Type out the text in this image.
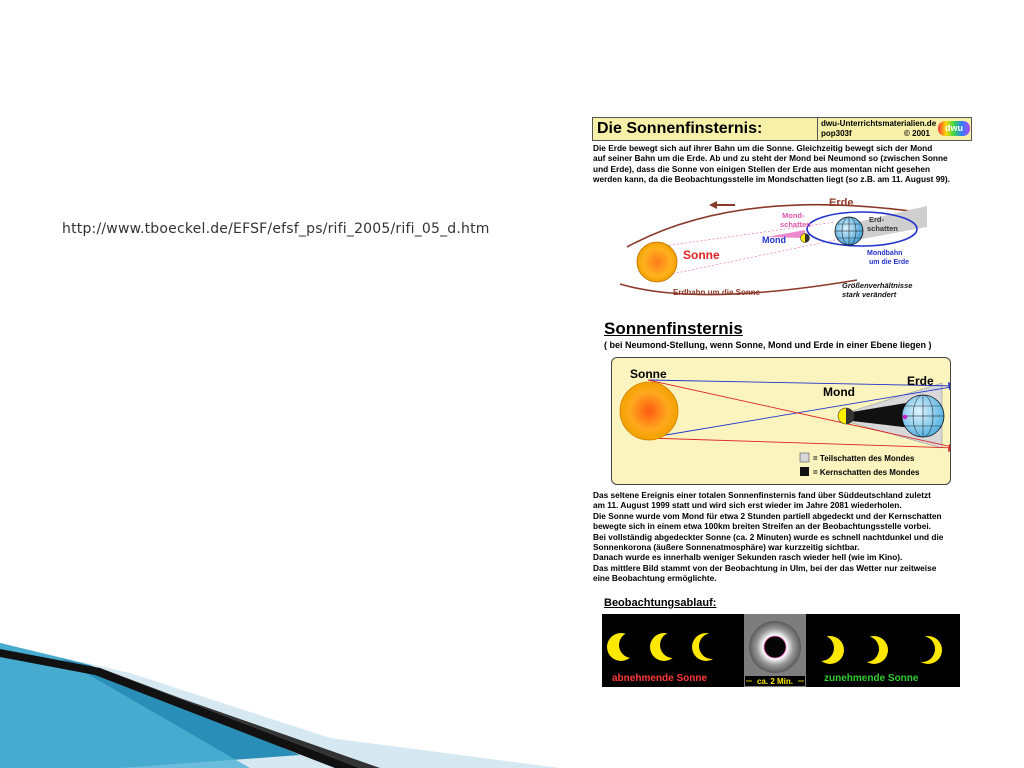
http://www.tboeckel.de/EFSF/efsf_ps/rifi_2005/rifi_05_d.htm
Die Sonnenfinsternis:	dwu-Unterrichtsmaterialien.de
pop303f	© 2001
dwu

Die Erde bewegt sich auf ihrer Bahn um die Sonne. Gleichzeitig bewegt sich der Mond
auf seiner Bahn um die Erde. Ab und zu steht der Mond bei Neumond so (zwischen Sonne
und Erde), dass die Sonne von einigen Stellen der Erde aus momentan nicht gesehen
werden kann, da die Beobachtungsstelle im Mondschatten liegt (so z.B. am 11. August 99).

Erde
Mond-
schatten
Mond
Erd-
schatten
Sonne	Mondbahn
um die Erde
Erdbahn um die Sonne
Größenverhältnisse
stark verändert
Sonnenfinsternis
( bei Neumond-Stellung, wenn Sonne, Mond und Erde in einer Ebene liegen )
Sonne
Mond
Erde
= Teilschatten des Mondes
= Kernschatten des Mondes

Das seltene Ereignis einer totalen Sonnenfinsternis fand über Süddeutschland zuletzt
am 11. August 1999 statt und wird sich erst wieder im Jahre 2081 wiederholen.
Die Sonne wurde vom Mond für etwa 2 Stunden partiell abgedeckt und der Kernschatten
bewegte sich in einem etwa 100km breiten Streifen an der Beobachtungsstelle vorbei.
Bei vollständig abgedeckter Sonne (ca. 2 Minuten) wurde es schnell nachtdunkel und die
Sonnenkorona (äußere Sonnenatmosphäre) war kurzzeitig sichtbar.
Danach wurde es innerhalb weniger Sekunden rasch wieder hell (wie im Kino).
Das mittlere Bild stammt von der Beobachtung in Ulm, bei der das Wetter nur zeitweise
eine Beobachtung ermöglichte.

Beobachtungsablauf:
abnehmende Sonne	zunehmende Sonne
ca. 2 Min.
